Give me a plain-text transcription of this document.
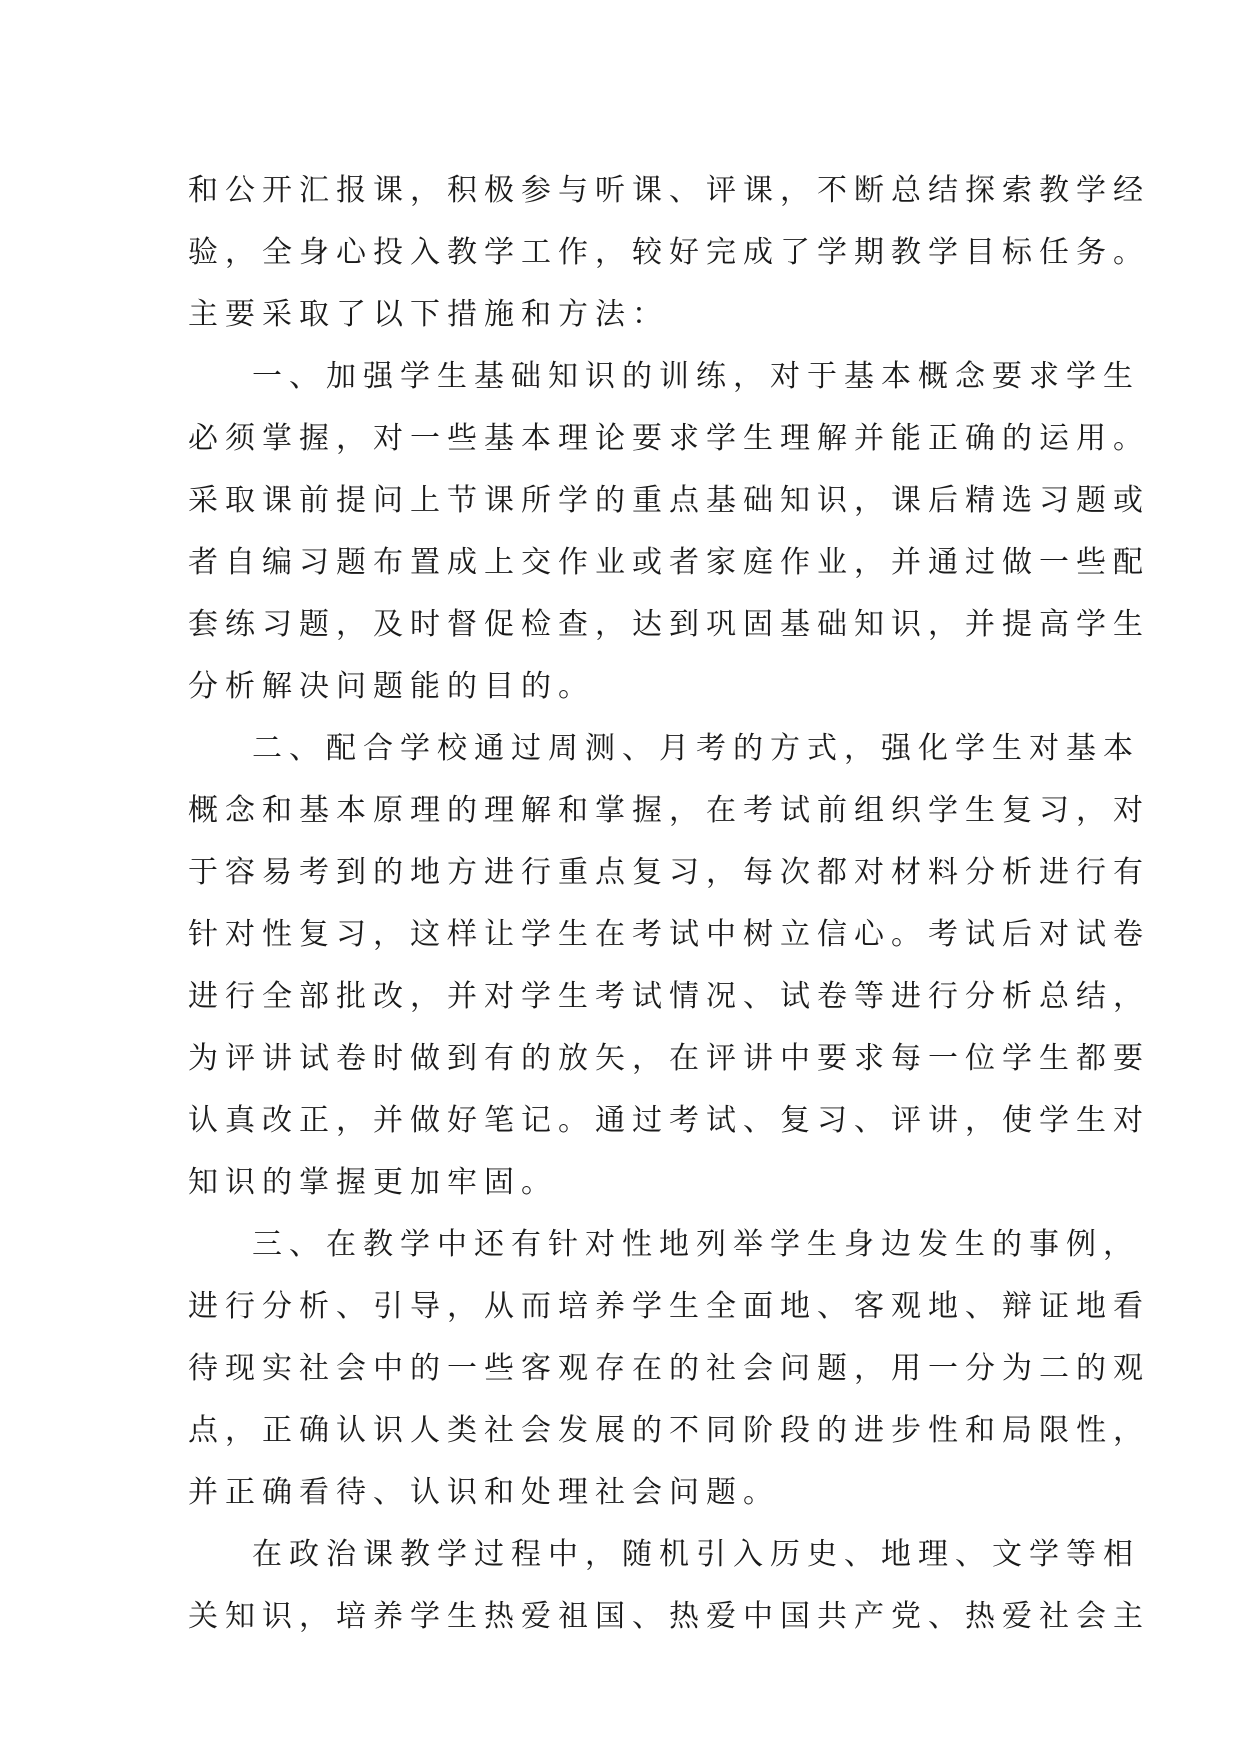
和公开汇报课，积极参与听课、评课，不断总结探索教学经
验，全身心投入教学工作，较好完成了学期教学目标任务。
主要采取了以下措施和方法：
一、加强学生基础知识的训练，对于基本概念要求学生
必须掌握，对一些基本理论要求学生理解并能正确的运用。
采取课前提问上节课所学的重点基础知识，课后精选习题或
者自编习题布置成上交作业或者家庭作业，并通过做一些配
套练习题，及时督促检查，达到巩固基础知识，并提高学生
分析解决问题能的目的。
二、配合学校通过周测、月考的方式，强化学生对基本
概念和基本原理的理解和掌握，在考试前组织学生复习，对
于容易考到的地方进行重点复习，每次都对材料分析进行有
针对性复习，这样让学生在考试中树立信心。考试后对试卷
进行全部批改，并对学生考试情况、试卷等进行分析总结，
为评讲试卷时做到有的放矢，在评讲中要求每一位学生都要
认真改正，并做好笔记。通过考试、复习、评讲，使学生对
知识的掌握更加牢固。
三、在教学中还有针对性地列举学生身边发生的事例，
进行分析、引导，从而培养学生全面地、客观地、辩证地看
待现实社会中的一些客观存在的社会问题，用一分为二的观
点，正确认识人类社会发展的不同阶段的进步性和局限性，
并正确看待、认识和处理社会问题。
在政治课教学过程中，随机引入历史、地理、文学等相
关知识，培养学生热爱祖国、热爱中国共产党、热爱社会主
